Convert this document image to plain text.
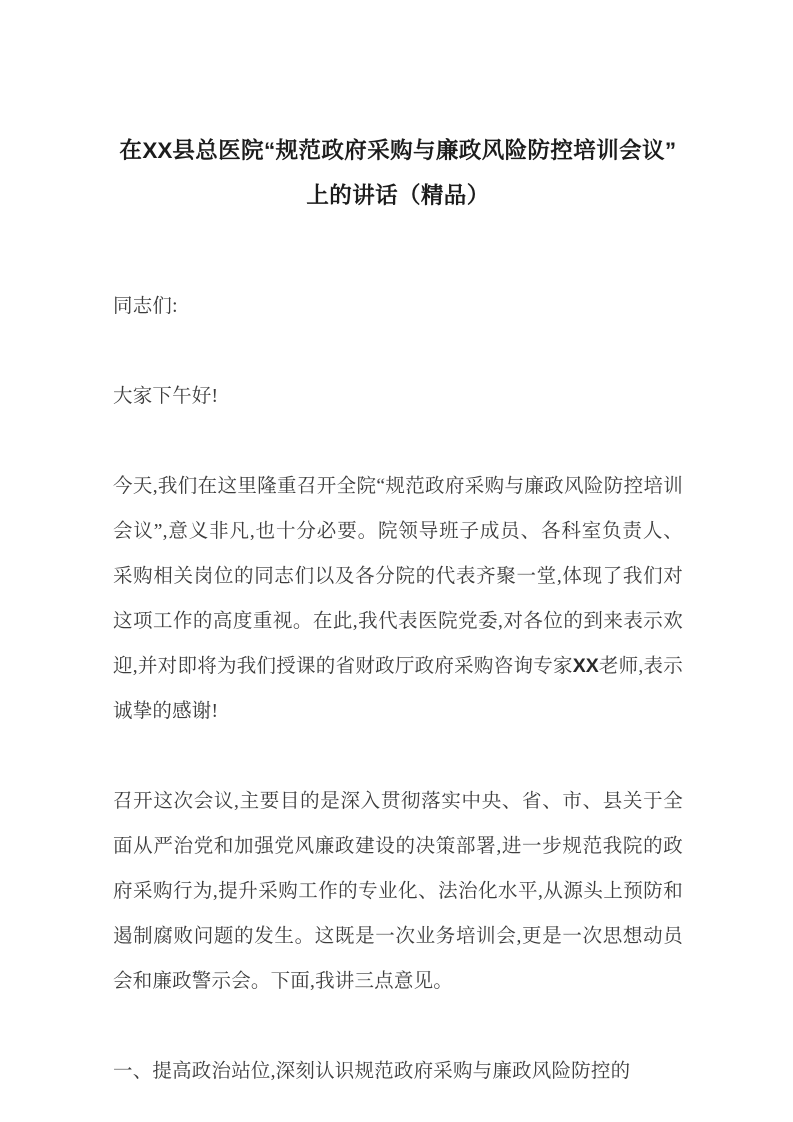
在XX县总医院“规范政府采购与廉政风险防控培训会议”上的讲话（精品）

同志们:

大家下午好!

今天,我们在这里隆重召开全院“规范政府采购与廉政风险防控培训会议”,意义非凡,也十分必要。院领导班子成员、各科室负责人、采购相关岗位的同志们以及各分院的代表齐聚一堂,体现了我们对这项工作的高度重视。在此,我代表医院党委,对各位的到来表示欢迎,并对即将为我们授课的省财政厅政府采购咨询专家XX老师,表示诚挚的感谢!

召开这次会议,主要目的是深入贯彻落实中央、省、市、县关于全面从严治党和加强党风廉政建设的决策部署,进一步规范我院的政府采购行为,提升采购工作的专业化、法治化水平,从源头上预防和遏制腐败问题的发生。这既是一次业务培训会,更是一次思想动员会和廉政警示会。下面,我讲三点意见。

一、提高政治站位,深刻认识规范政府采购与廉政风险防控的
